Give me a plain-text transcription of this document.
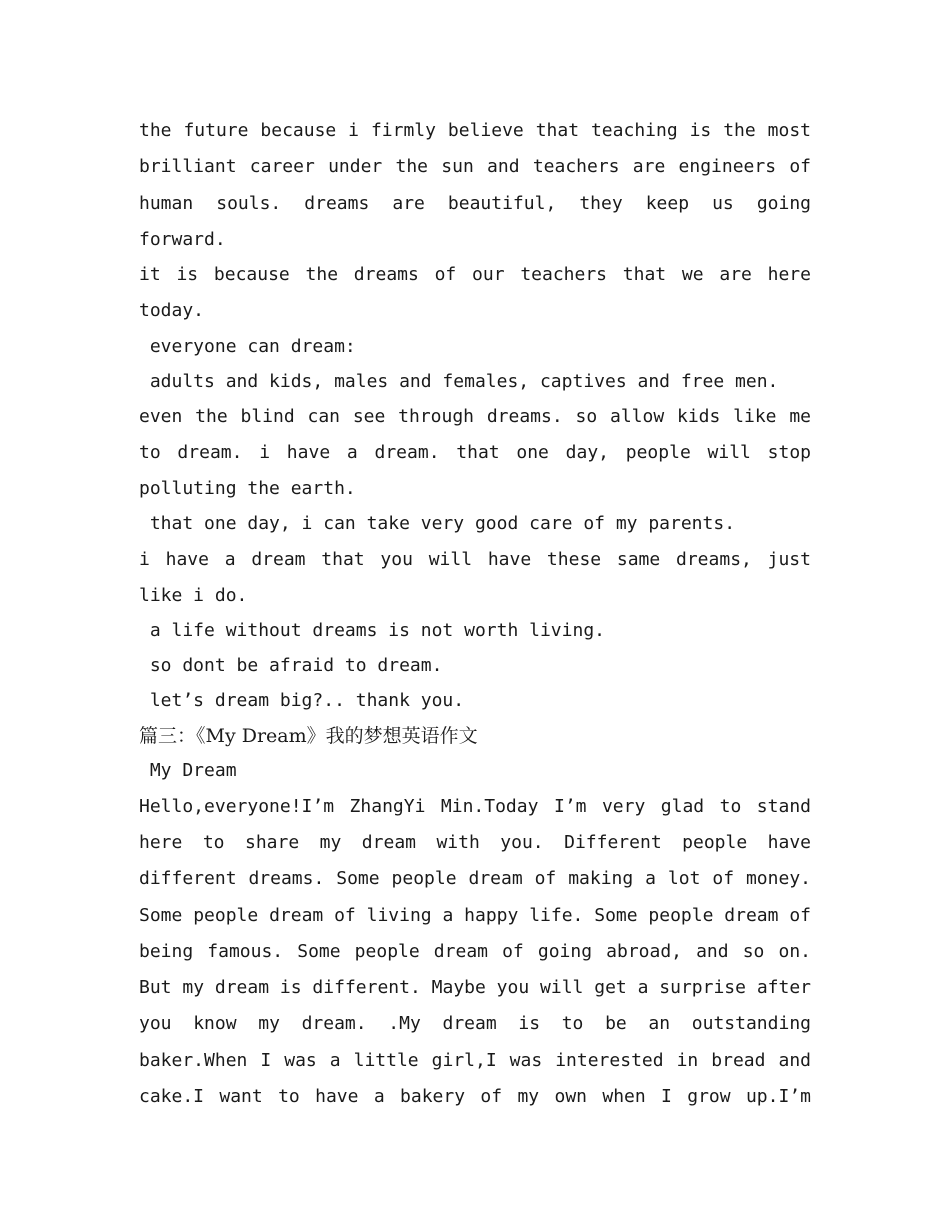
the future because i firmly believe that teaching is the most
brilliant career under the sun and teachers are engineers of
human souls. dreams are beautiful, they keep us going
forward.
it is because the dreams of our teachers that we are here
today.
everyone can dream:
adults and kids, males and females, captives and free men.
even the blind can see through dreams. so allow kids like me
to dream. i have a dream. that one day, people will stop
polluting the earth.
that one day, i can take very good care of my parents.
i have a dream that you will have these same dreams, just
like i do.
a life without dreams is not worth living.
so dont be afraid to dream.
let’s dream big?.. thank you.
篇三：《My Dream》我的梦想英语作文
My Dream
Hello,everyone!I’m ZhangYi Min.Today I’m very glad to stand
here to share my dream with you. Different people have
different dreams. Some people dream of making a lot of money.
Some people dream of living a happy life. Some people dream of
being famous. Some people dream of going abroad, and so on.
But my dream is different. Maybe you will get a surprise after
you know my dream. .My dream is to be an outstanding
baker.When I was a little girl,I was interested in bread and
cake.I want to have a bakery of my own when I grow up.I’m
